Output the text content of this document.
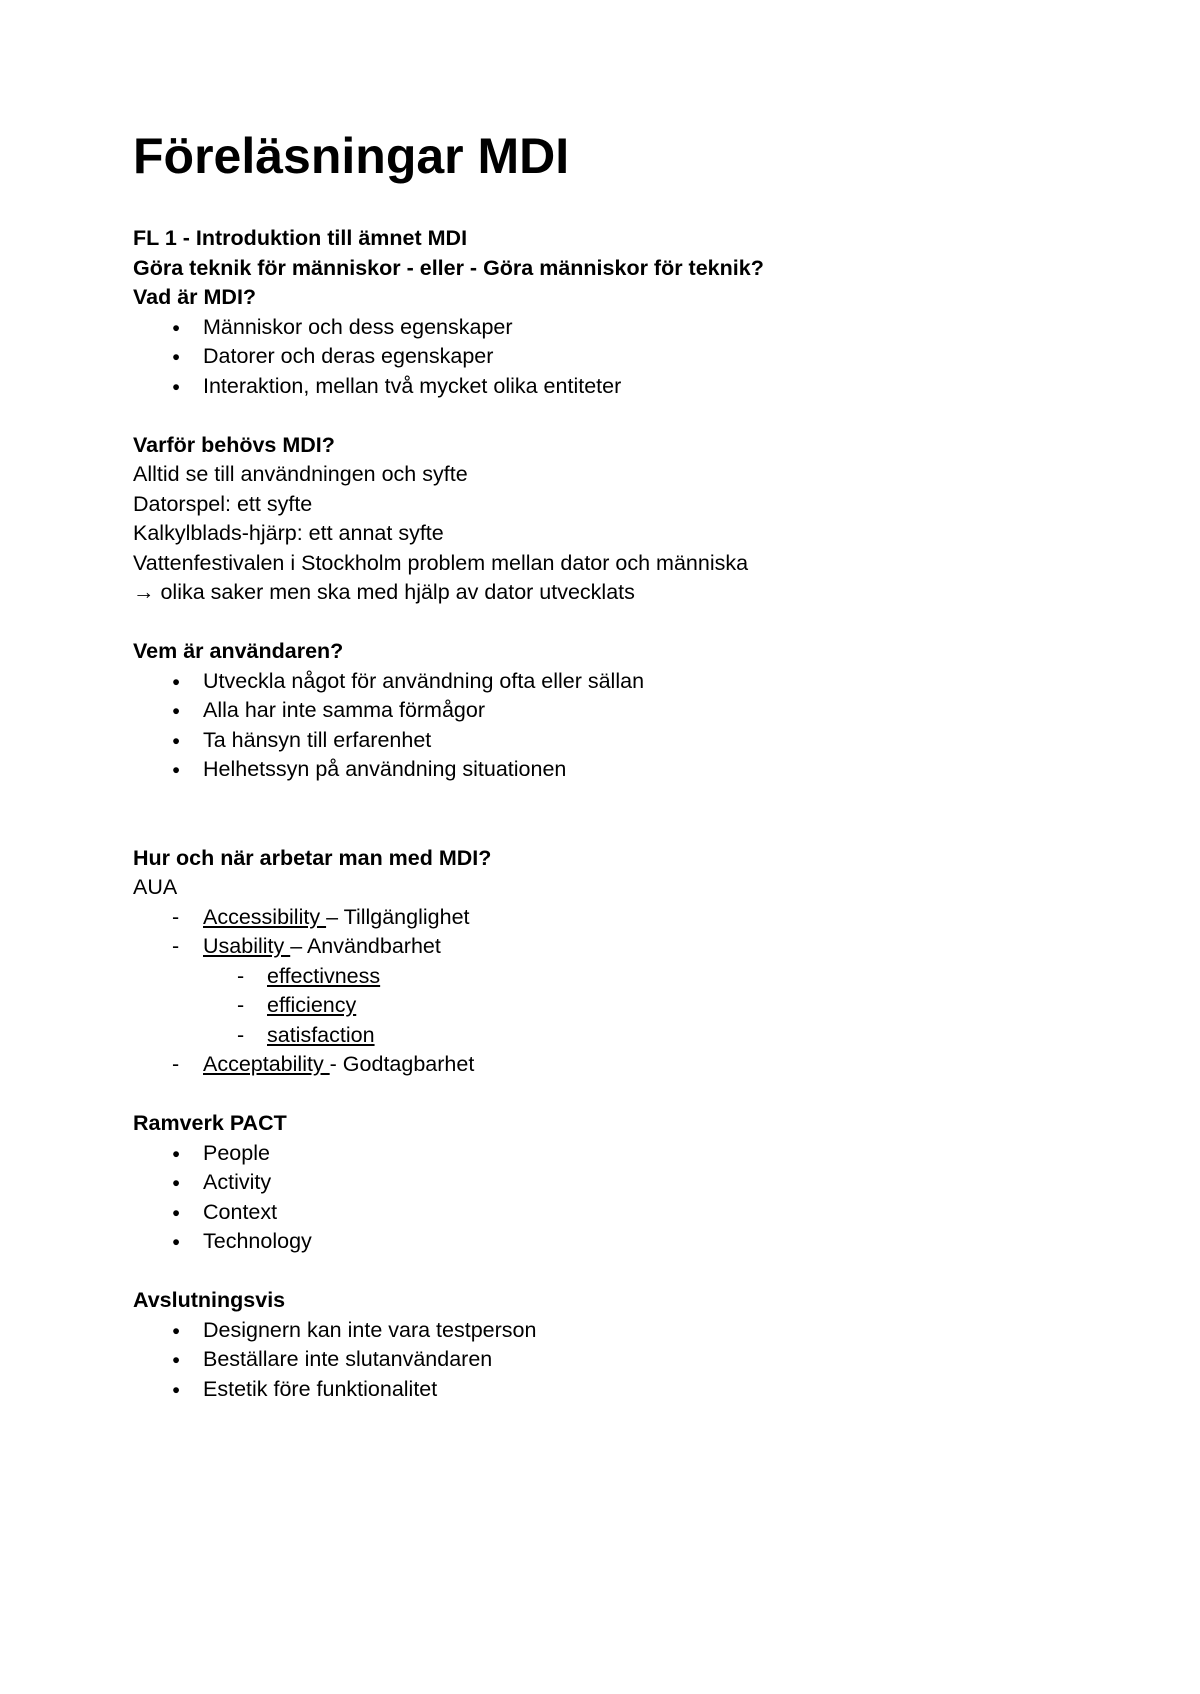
Föreläsningar MDI
FL 1 - Introduktion till ämnet MDI
Göra teknik för människor - eller - Göra människor för teknik?
Vad är MDI?
●	Människor och dess egenskaper
●	Datorer och deras egenskaper
●	Interaktion, mellan två mycket olika entiteter
Varför behövs MDI?
Alltid se till användningen och syfte
Datorspel: ett syfte
Kalkylblads-hjärp: ett annat syfte
Vattenfestivalen i Stockholm problem mellan dator och människa
→ olika saker men ska med hjälp av dator utvecklats
Vem är användaren?
●	Utveckla något för användning ofta eller sällan
●	Alla har inte samma förmågor
●	Ta hänsyn till erfarenhet
●	Helhetssyn på användning situationen
Hur och när arbetar man med MDI?
AUA
-	Accessibility – Tillgänglighet
-	Usability – Användbarhet
-	effectivness
-	efficiency
-	satisfaction
-	Acceptability - Godtagbarhet
Ramverk PACT
●	People
●	Activity
●	Context
●	Technology
Avslutningsvis
●	Designern kan inte vara testperson
●	Beställare inte slutanvändaren
●	Estetik före funktionalitet
